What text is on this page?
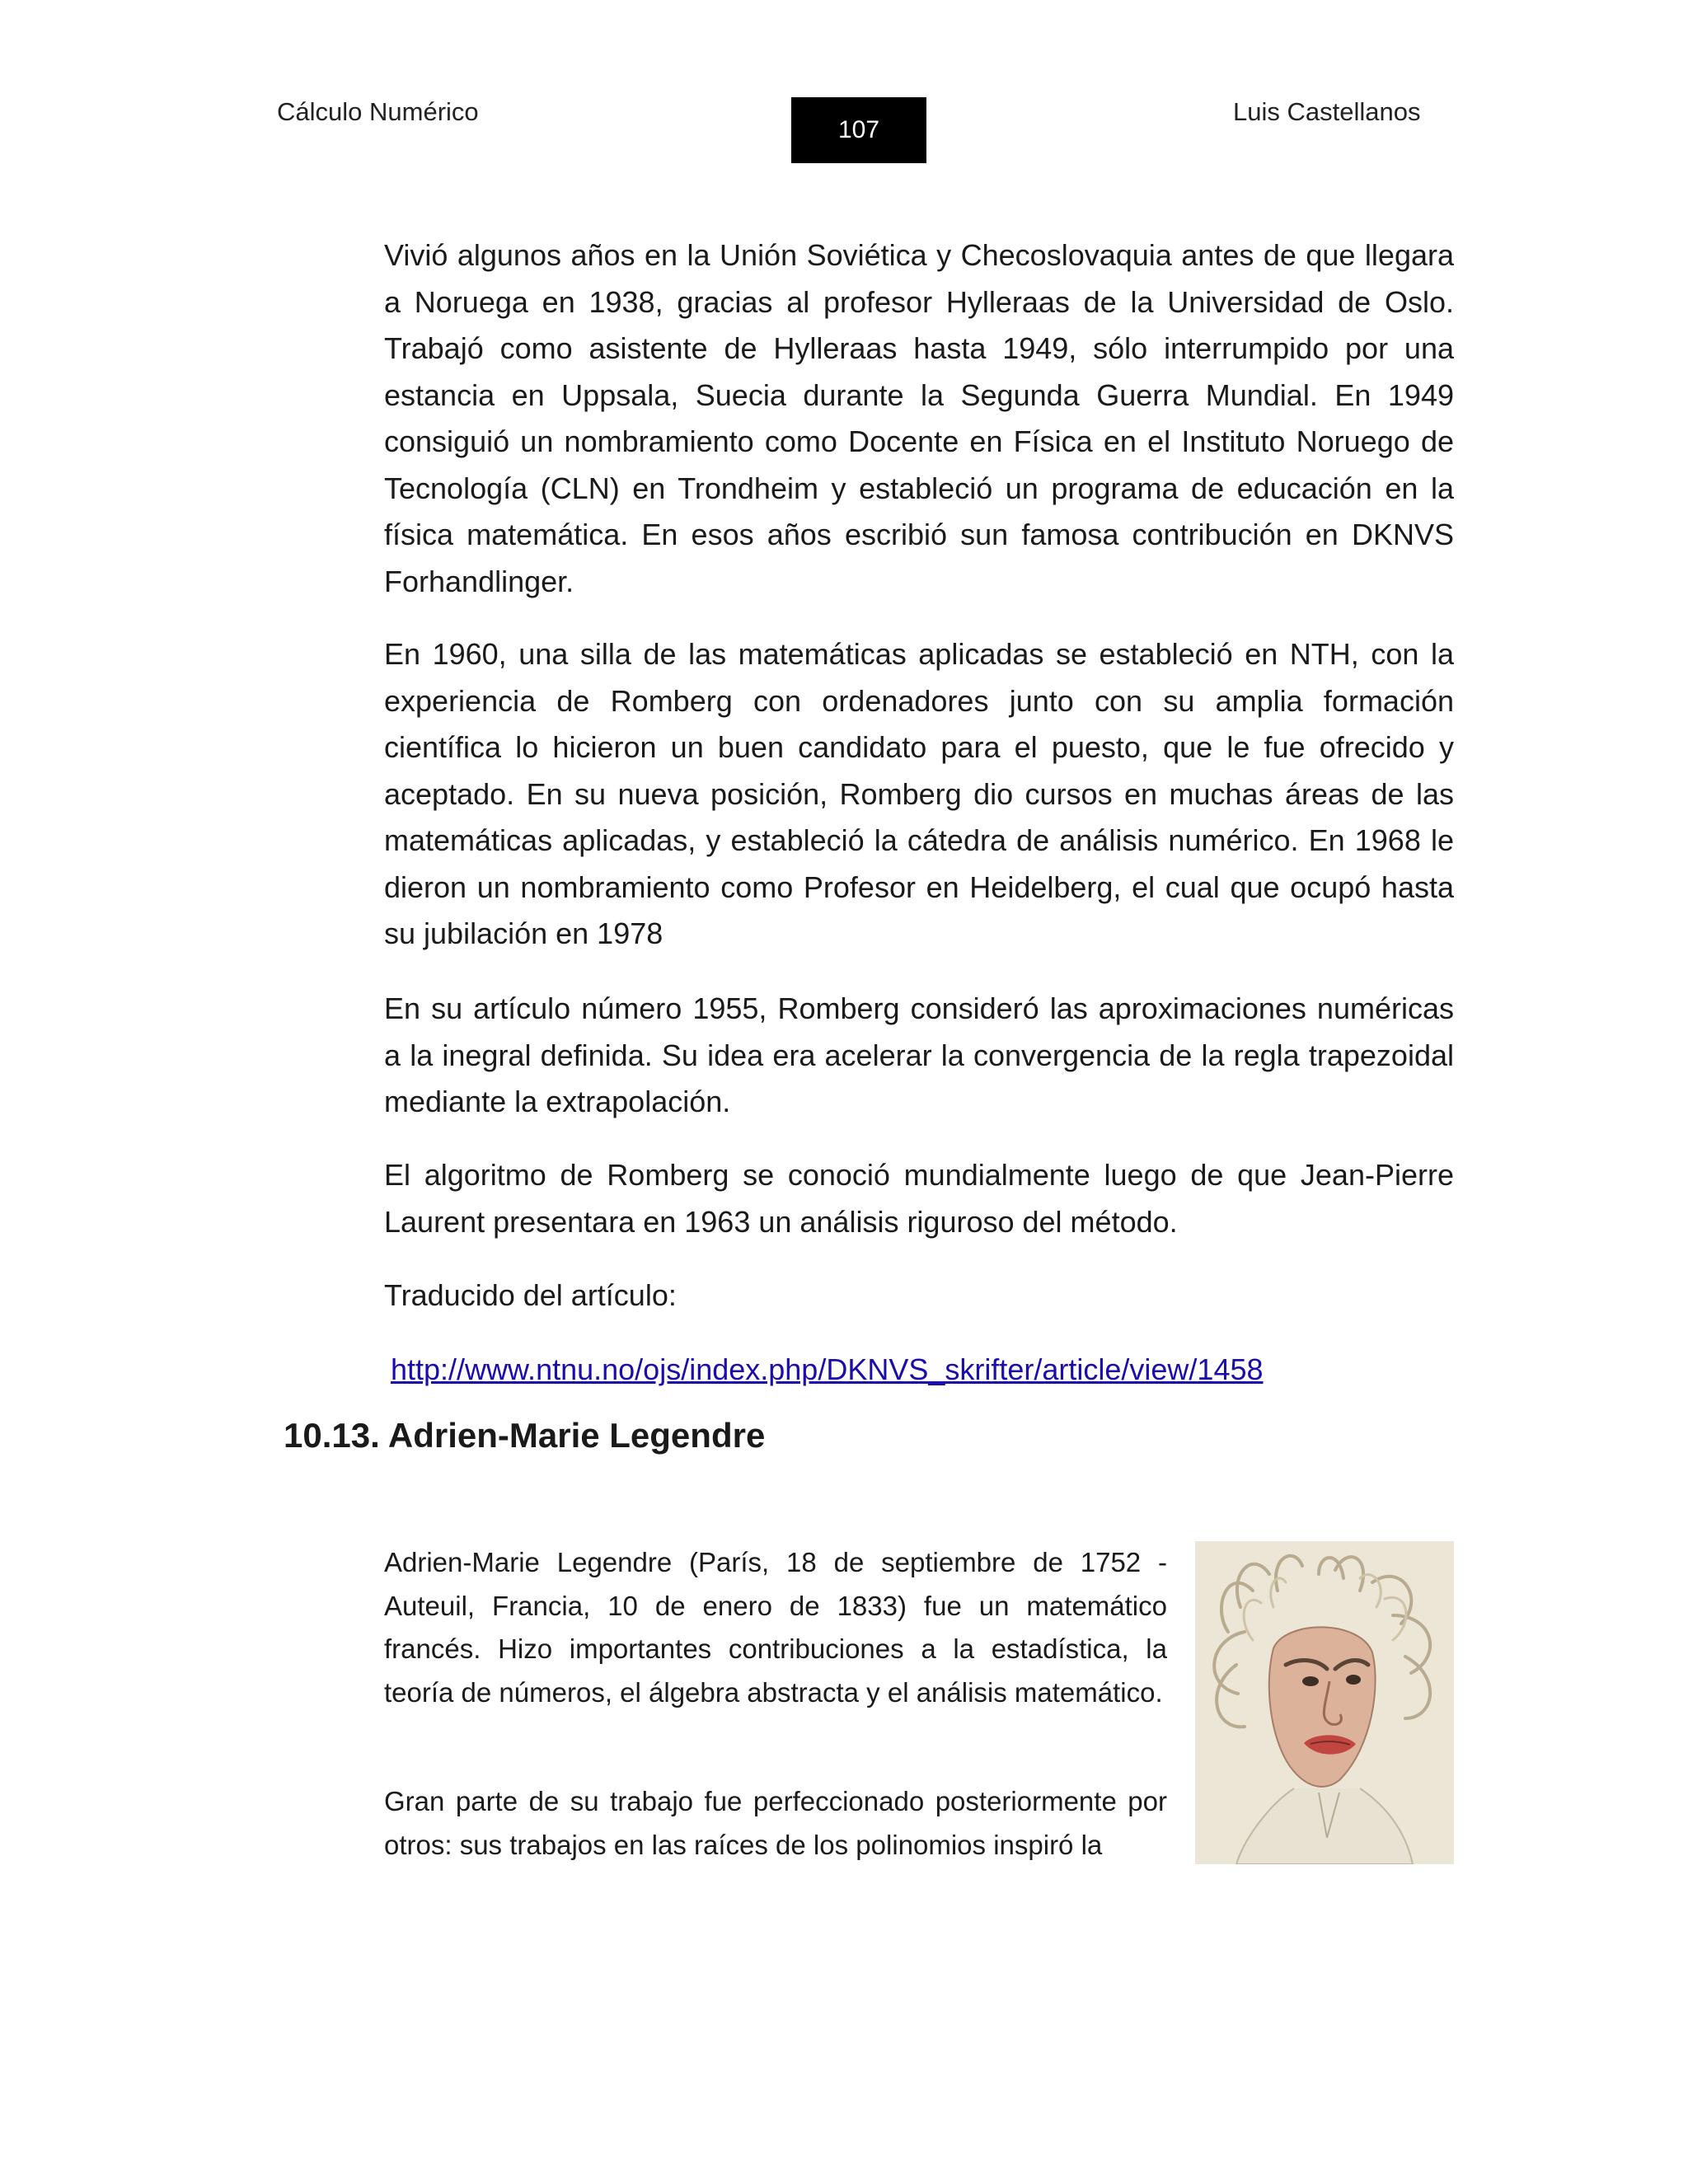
Cálculo Numérico
107
Luis Castellanos

Vivió algunos años en la Unión Soviética y Checoslovaquia antes de que llegara a Noruega en 1938, gracias al profesor Hylleraas de la Universidad de Oslo. Trabajó como asistente de Hylleraas hasta 1949, sólo interrumpido por una estancia en Uppsala, Suecia durante la Segunda Guerra Mundial. En 1949 consiguió un nombramiento como Docente en Física en el Instituto Noruego de Tecnología (CLN) en Trondheim y estableció un programa de educación en la física matemática. En esos años escribió sun famosa contribución en DKNVS Forhandlinger.

En 1960, una silla de las matemáticas aplicadas se estableció en NTH, con la experiencia de Romberg con ordenadores junto con su amplia formación científica lo hicieron un buen candidato para el puesto, que le fue ofrecido y aceptado. En su nueva posición, Romberg dio cursos en muchas áreas de las matemáticas aplicadas, y estableció la cátedra de análisis numérico. En 1968 le dieron un nombramiento como Profesor en Heidelberg, el cual que ocupó hasta su jubilación en 1978

En su artículo número 1955, Romberg consideró las aproximaciones numéricas a la inegral definida. Su idea era acelerar la convergencia de la regla trapezoidal mediante la extrapolación.

El algoritmo de Romberg se conoció mundialmente luego de que Jean-Pierre Laurent presentara en 1963 un análisis riguroso del método.

Traducido del artículo:

http://www.ntnu.no/ojs/index.php/DKNVS_skrifter/article/view/1458
10.13. Adrien-Marie Legendre

Adrien-Marie Legendre (París, 18 de septiembre de 1752 - Auteuil, Francia, 10 de enero de 1833) fue un matemático francés. Hizo importantes contribuciones a la estadística, la teoría de números, el álgebra abstracta y el análisis matemático.

Gran parte de su trabajo fue perfeccionado posteriormente por otros: sus trabajos en las raíces de los polinomios inspiró la
